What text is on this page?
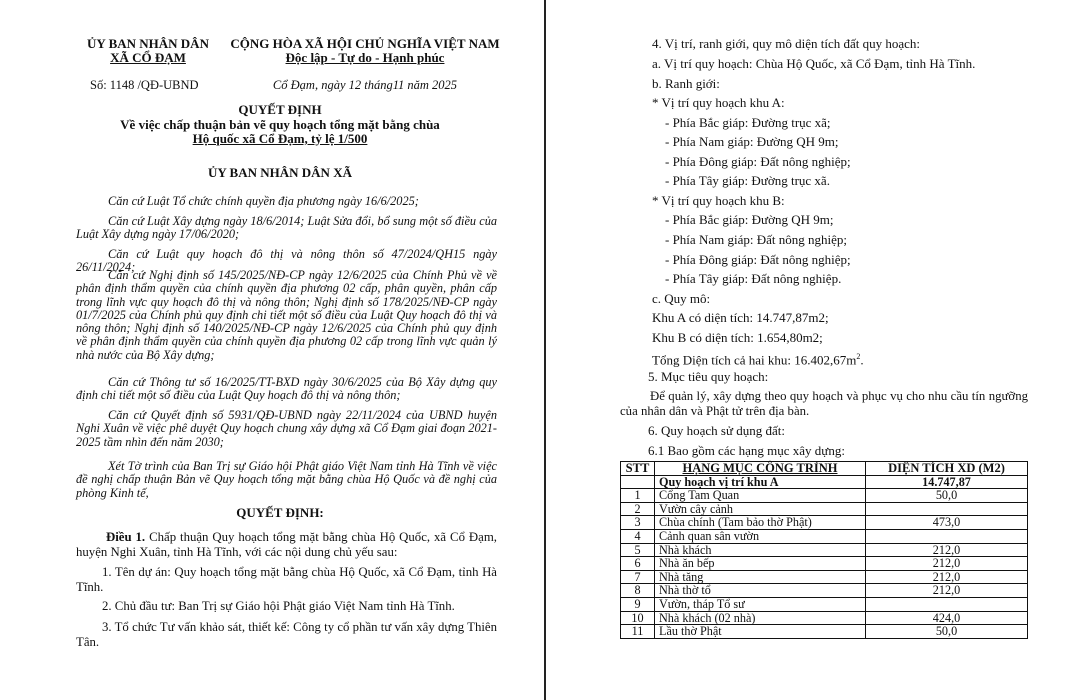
ỦY BAN NHÂN DÂN
XÃ CỔ ĐẠM
Số: 1148 /QĐ-UBND
CỘNG HÒA XÃ HỘI CHỦ NGHĨA VIỆT NAM
Độc lập - Tự do - Hạnh phúc
Cổ Đạm, ngày 12 tháng11 năm 2025
QUYẾT ĐỊNH
Về việc chấp thuận bản vẽ quy hoạch tổng mặt bằng chùa
Hộ quốc xã Cổ Đạm, tỷ lệ 1/500
ỦY BAN NHÂN DÂN XÃ
Căn cứ Luật Tổ chức chính quyền địa phương ngày 16/6/2025;
Căn cứ Luật Xây dựng ngày 18/6/2014; Luật Sửa đổi, bổ sung một số điều của Luật Xây dựng ngày 17/06/2020;
Căn cứ Luật quy hoạch đô thị và nông thôn số 47/2024/QH15 ngày 26/11/2024;
Căn cứ Nghị định số 145/2025/NĐ-CP ngày 12/6/2025 của Chính Phủ về về phân định thẩm quyền của chính quyền địa phương 02 cấp, phân quyền, phân cấp trong lĩnh vực quy hoạch đô thị và nông thôn; Nghị định số 178/2025/NĐ-CP ngày 01/7/2025 của Chính phủ quy định chi tiết một số điều của Luật Quy hoạch đô thị và nông thôn; Nghị định số 140/2025/NĐ-CP ngày 12/6/2025 của Chính phủ quy định về phân định thẩm quyền của chính quyền địa phương 02 cấp trong lĩnh vực quản lý nhà nước của Bộ Xây dựng;
Căn cứ Thông tư số 16/2025/TT-BXD ngày 30/6/2025 của Bộ Xây dựng quy định chi tiết một số điều của Luật Quy hoạch đô thị và nông thôn;
Căn cứ Quyết định số 5931/QĐ-UBND ngày 22/11/2024 của UBND huyện Nghi Xuân về việc phê duyệt Quy hoạch chung xây dựng xã Cổ Đạm giai đoạn 2021-2025 tầm nhìn đến năm 2030;
Xét Tờ trình của Ban Trị sự Giáo hội Phật giáo Việt Nam tỉnh Hà Tĩnh về việc đề nghị chấp thuận Bản vẽ Quy hoạch tổng mặt bằng chùa Hộ Quốc và đề nghị của phòng Kinh tế,
QUYẾT ĐỊNH:
Điều 1. Chấp thuận Quy hoạch tổng mặt bằng chùa Hộ Quốc, xã Cổ Đạm, huyện Nghi Xuân, tỉnh Hà Tĩnh, với các nội dung chủ yếu sau:
1. Tên dự án: Quy hoạch tổng mặt bằng chùa Hộ Quốc, xã Cổ Đạm, tỉnh Hà Tĩnh.
2. Chủ đầu tư: Ban Trị sự Giáo hội Phật giáo Việt Nam tỉnh Hà Tĩnh.
3. Tổ chức Tư vấn khảo sát, thiết kế: Công ty cổ phần tư vấn xây dựng Thiên Tân.
4. Vị trí, ranh giới, quy mô diện tích đất quy hoạch:
a. Vị trí quy hoạch: Chùa Hộ Quốc, xã Cổ Đạm, tỉnh Hà Tĩnh.
b. Ranh giới:
* Vị trí quy hoạch khu A:
- Phía Bắc giáp: Đường trục xã;
- Phía Nam giáp: Đường QH 9m;
- Phía Đông giáp: Đất nông nghiệp;
- Phía Tây giáp: Đường trục xã.
* Vị trí quy hoạch khu B:
- Phía Bắc giáp: Đường QH 9m;
- Phía Nam giáp: Đất nông nghiệp;
- Phía Đông giáp: Đất nông nghiệp;
- Phía Tây giáp: Đất nông nghiệp.
c. Quy mô:
Khu A có diện tích: 14.747,87m2;
Khu B có diện tích: 1.654,80m2;
Tổng Diện tích cả hai khu: $16.402,67m^2$.
5. Mục tiêu quy hoạch:
Để quản lý, xây dựng theo quy hoạch và phục vụ cho nhu cầu tín ngưỡng của nhân dân và Phật tử trên địa bàn.
6. Quy hoạch sử dụng đất:
6.1 Bao gồm các hạng mục xây dựng:
STT	HẠNG MỤC CÔNG TRÌNH	DIỆN TÍCH XD (M2)
	Quy hoạch vị trí khu A	14.747,87
1	Cổng Tam Quan	50,0
2	Vườn cây cảnh	
3	Chùa chính (Tam bảo thờ Phật)	473,0
4	Cảnh quan sân vườn	
5	Nhà khách	212,0
6	Nhà ăn bếp	212,0
7	Nhà tăng	212,0
8	Nhà thờ tổ	212,0
9	Vườn, tháp Tổ sư	
10	Nhà khách (02 nhà)	424,0
11	Lầu thờ Phật	50,0
